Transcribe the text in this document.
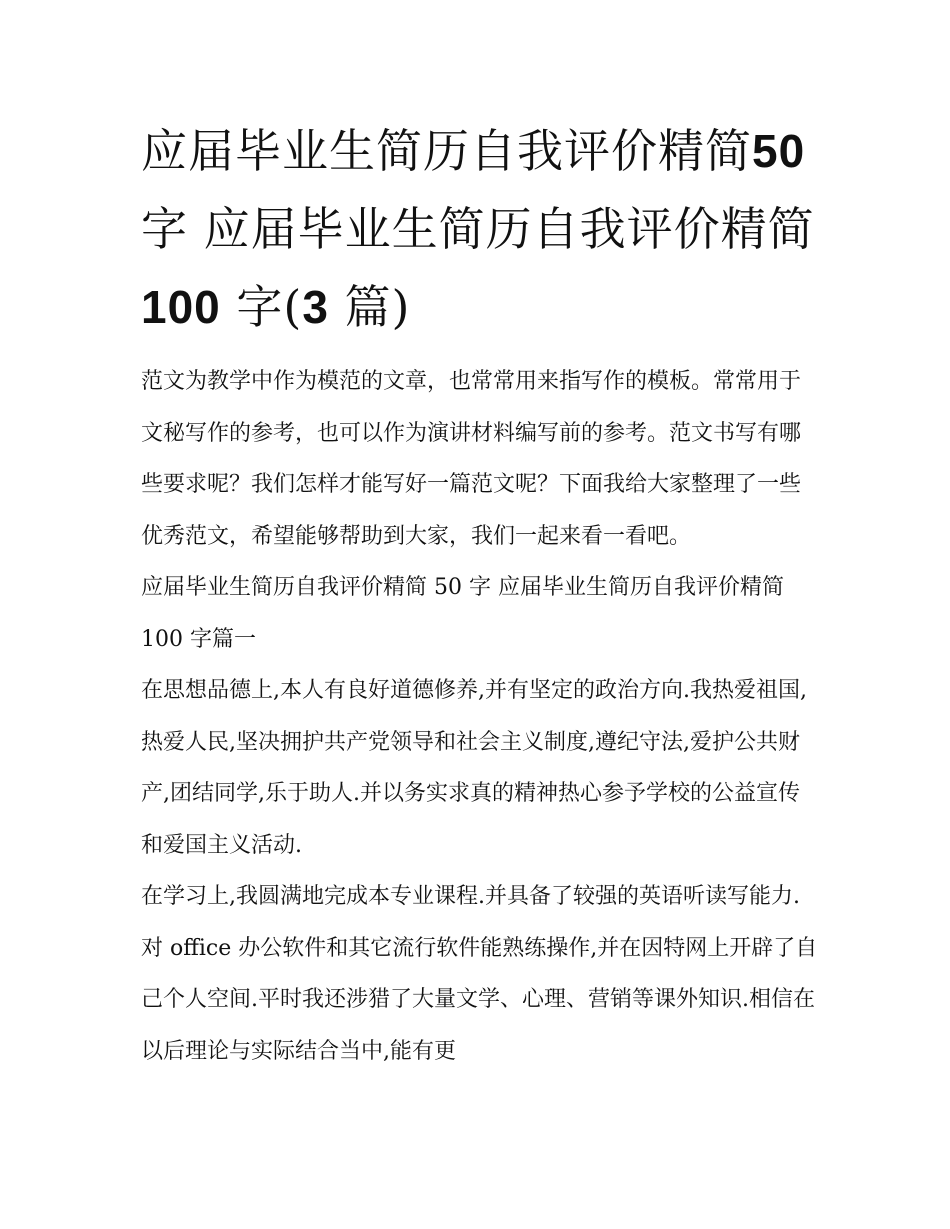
应届毕业生简历自我评价精简50 字 应届毕业生简历自我评价精简100 字(3 篇)

范文为教学中作为模范的文章，也常常用来指写作的模板。常常用于文秘写作的参考，也可以作为演讲材料编写前的参考。范文书写有哪些要求呢？我们怎样才能写好一篇范文呢？下面我给大家整理了一些优秀范文，希望能够帮助到大家，我们一起来看一看吧。

应届毕业生简历自我评价精简 50 字 应届毕业生简历自我评价精简 100 字篇一

在思想品德上,本人有良好道德修养,并有坚定的政治方向.我热爱祖国,热爱人民,坚决拥护共产党领导和社会主义制度,遵纪守法,爱护公共财产,团结同学,乐于助人.并以务实求真的精神热心参予学校的公益宣传和爱国主义活动.

在学习上,我圆满地完成本专业课程.并具备了较强的英语听读写能力.对 office 办公软件和其它流行软件能熟练操作,并在因特网上开辟了自己个人空间.平时我还涉猎了大量文学、心理、营销等课外知识.相信在以后理论与实际结合当中,能有更
